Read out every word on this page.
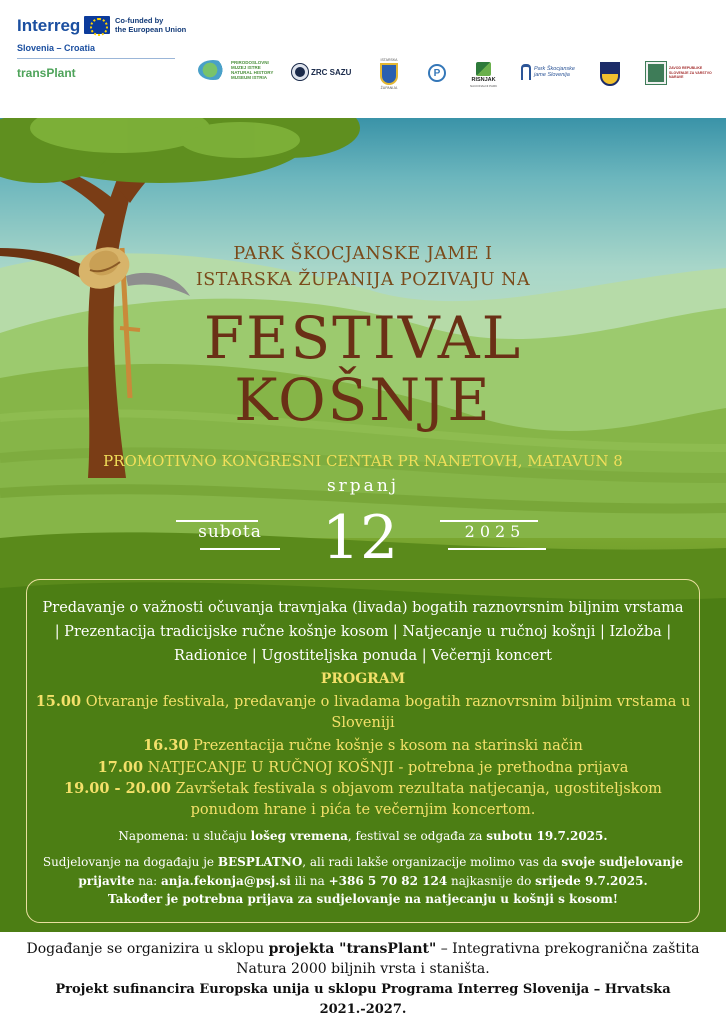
Interreg	Co-funded by
the European Union
Slovenia – Croatia
transPlant
PRIRODOSLOVNI MUZEJ ISTRE NATURAL HISTORY MUSEUM ISTRIA
ZRC SAZU
ISTARSKA
ŽUPANIJA
P
RISNJAK
NACIONALNI PARK
Park Škocjanske jame Slovenija
ZAVOD REPUBLIKE SLOVENIJE ZA VARSTVO NARAVE
PARK ŠKOCJANSKE JAME I
ISTARSKA ŽUPANIJA POZIVAJU NA
FESTIVAL
KOŠNJE
PROMOTIVNO KONGRESNI CENTAR PR NANETOVH, MATAVUN 8
srpanj
subota 12	2025
Predavanje o važnosti očuvanja travnjaka (livada) bogatih raznovrsnim biljnim vrstama | Prezentacija tradicijske ručne košnje kosom | Natjecanje u ručnoj košnji | Izložba | Radionice | Ugostiteljska ponuda | Večernji koncert
PROGRAM
15.00 Otvaranje festivala, predavanje o livadama bogatih raznovrsnim biljnim vrstama u Sloveniji
16.30 Prezentacija ručne košnje s kosom na starinski način
17.00 NATJECANJE U RUČNOJ KOŠNJI - potrebna je prethodna prijava
19.00 - 20.00 Završetak festivala s objavom rezultata natjecanja, ugostiteljskom ponudom hrane i pića te večernjim koncertom.
Napomena: u slučaju lošeg vremena, festival se odgađa za subotu 19.7.2025.
Sudjelovanje na događaju je BESPLATNO, ali radi lakše organizacije molimo vas da svoje sudjelovanje prijavite na: anja.fekonja@psj.si ili na +386 5 70 82 124 najkasnije do srijede 9.7.2025.
Također je potrebna prijava za sudjelovanje na natjecanju u košnji s kosom!
Događanje se organizira u sklopu projekta "transPlant" – Integrativna prekogranična zaštita Natura 2000 biljnih vrsta i staništa.
Projekt sufinancira Europska unija u sklopu Programa Interreg Slovenija – Hrvatska 2021.-2027.
